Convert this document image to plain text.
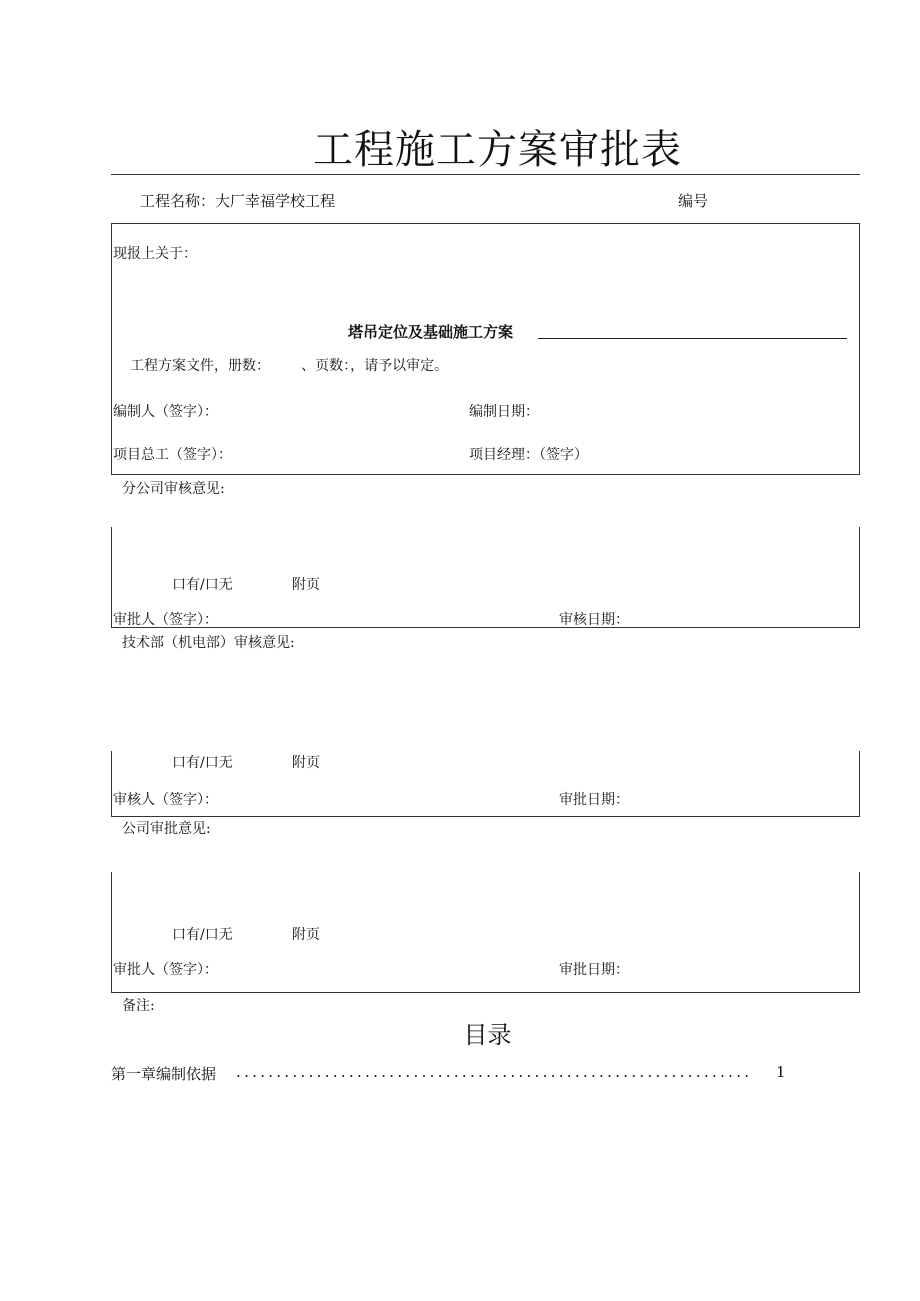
工程施工方案审批表
工程名称：大厂幸福学校工程	编号
现报上关于：
塔吊定位及基础施工方案
工程方案文件，册数：       、页数：，请予以审定。
编制人（签字）：	编制日期：
项目总工（签字）：	项目经理：（签字）
分公司审核意见:
口有/口无	附页
审批人（签字）：	审核日期：
技术部（机电部）审核意见:
口有/口无	附页
审核人（签字）：	审批日期：
公司审批意见:
口有/口无	附页
审批人（签字）：	审批日期：
备注:
目录
第一章编制依据 ................................................................ 1
